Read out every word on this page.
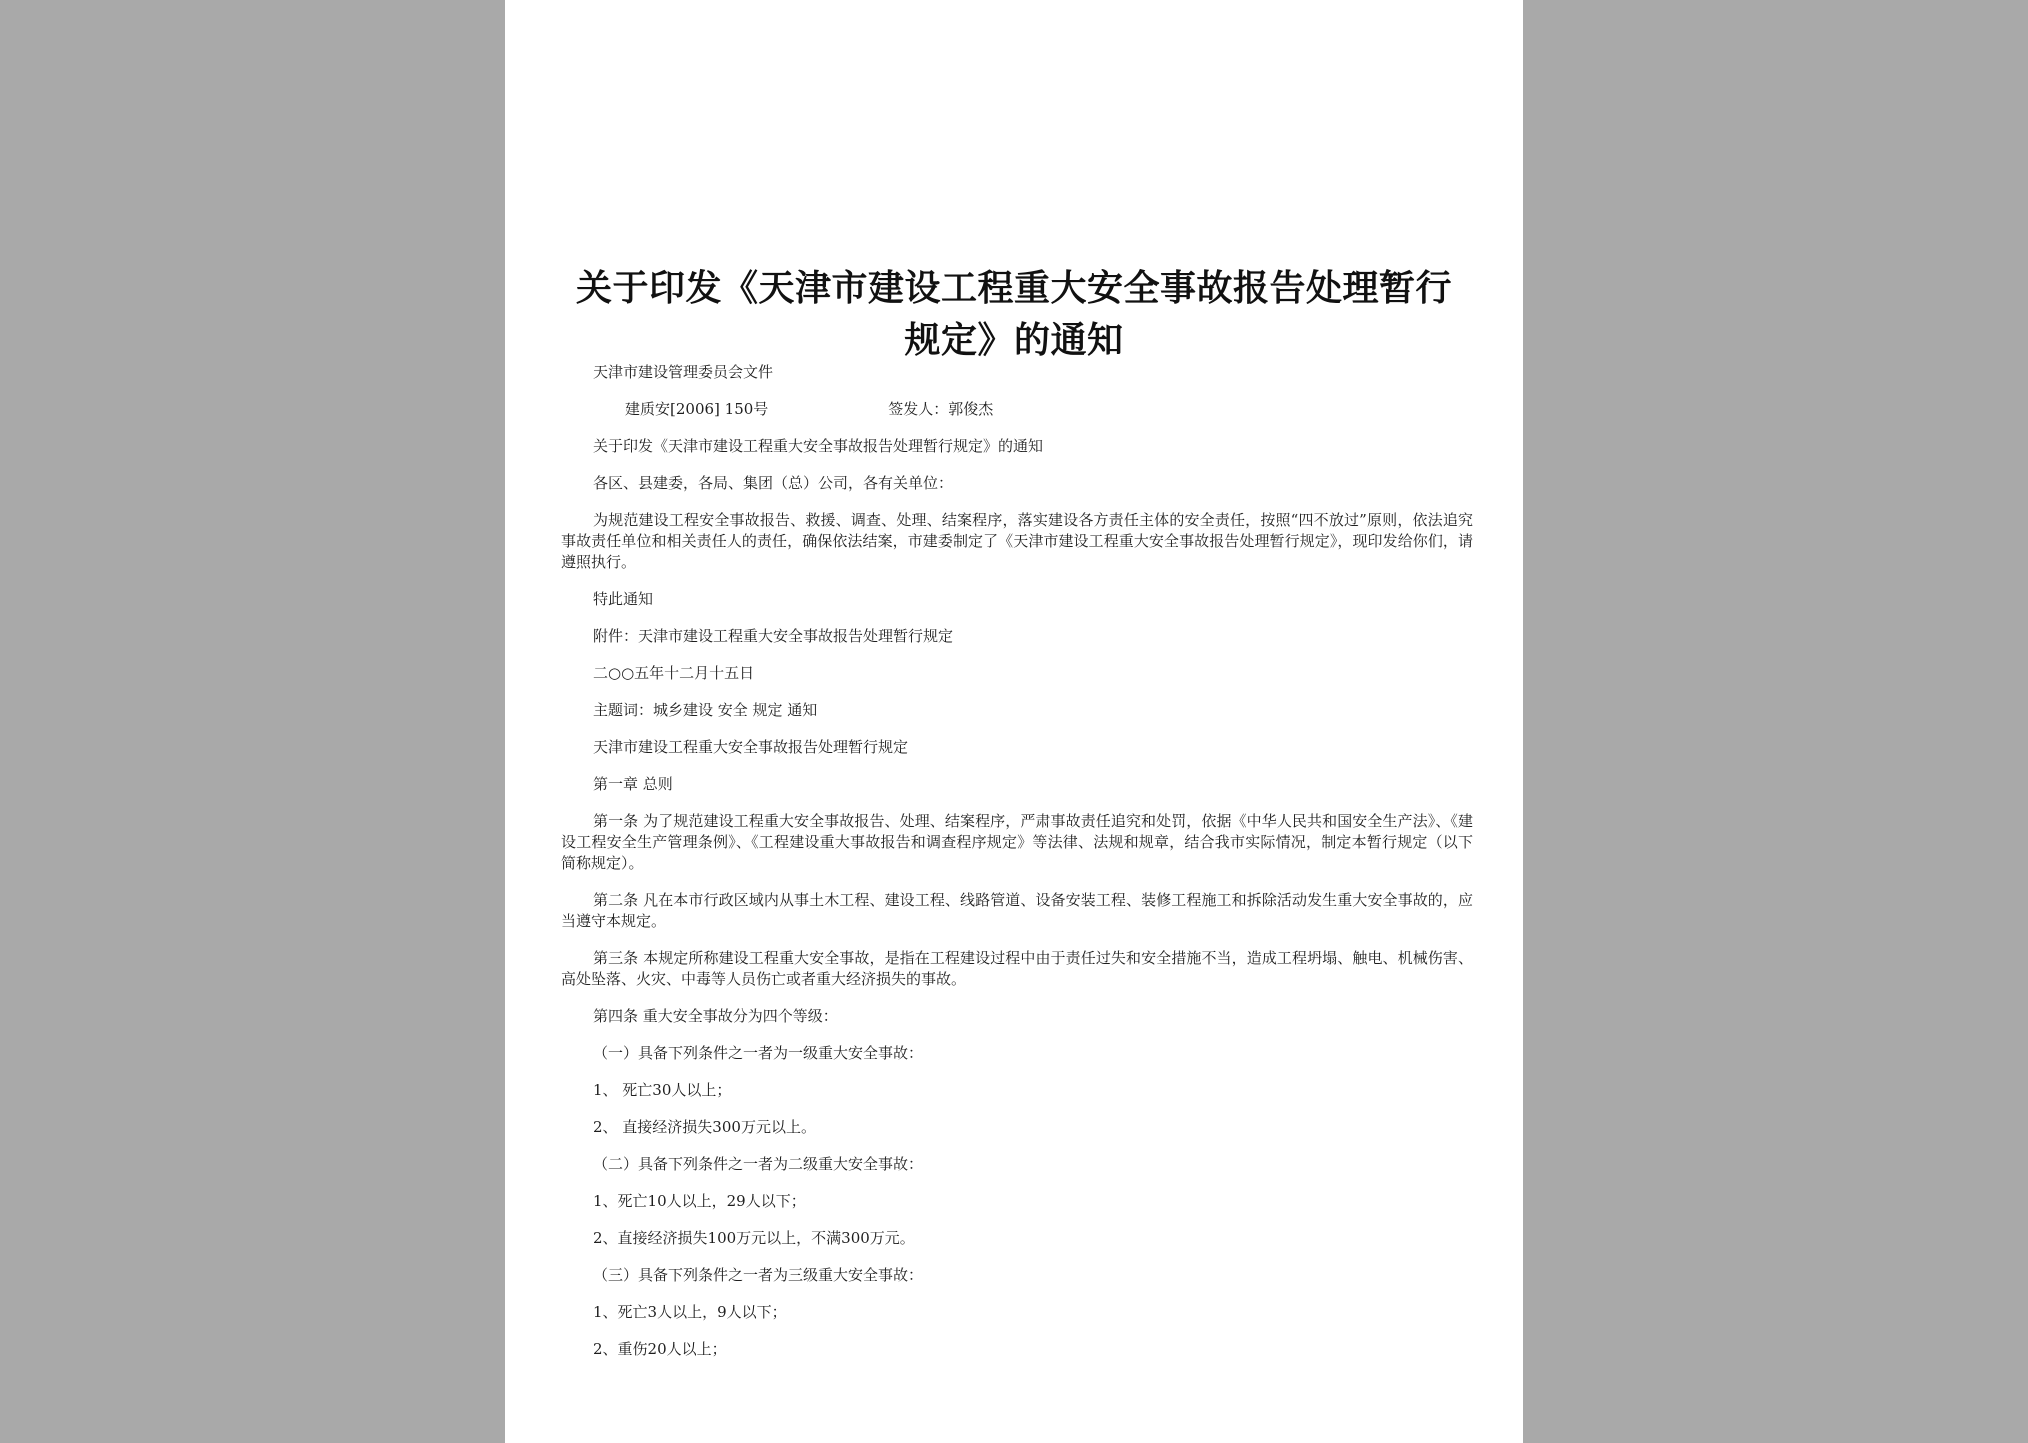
关于印发《天津市建设工程重大安全事故报告处理暂行
规定》的通知

天津市建设管理委员会文件

建质安[2006] 150号	签发人：郭俊杰

关于印发《天津市建设工程重大安全事故报告处理暂行规定》的通知

各区、县建委，各局、集团（总）公司，各有关单位：

为规范建设工程安全事故报告、救援、调查、处理、结案程序，落实建设各方责任主体的安全责任，按照“四不放过”原则，依法追究事故责任单位和相关责任人的责任，确保依法结案，市建委制定了《天津市建设工程重大安全事故报告处理暂行规定》，现印发给你们，请遵照执行。

特此通知

附件：天津市建设工程重大安全事故报告处理暂行规定

二○○五年十二月十五日

主题词：城乡建设 安全 规定 通知

天津市建设工程重大安全事故报告处理暂行规定

第一章 总则

第一条 为了规范建设工程重大安全事故报告、处理、结案程序，严肃事故责任追究和处罚，依据《中华人民共和国安全生产法》、《建设工程安全生产管理条例》、《工程建设重大事故报告和调查程序规定》等法律、法规和规章，结合我市实际情况，制定本暂行规定（以下简称规定）。

第二条 凡在本市行政区域内从事土木工程、建设工程、线路管道、设备安装工程、装修工程施工和拆除活动发生重大安全事故的，应当遵守本规定。

第三条 本规定所称建设工程重大安全事故，是指在工程建设过程中由于责任过失和安全措施不当，造成工程坍塌、触电、机械伤害、高处坠落、火灾、中毒等人员伤亡或者重大经济损失的事故。

第四条 重大安全事故分为四个等级：

（一）具备下列条件之一者为一级重大安全事故：

1、 死亡30人以上；

2、 直接经济损失300万元以上。

（二）具备下列条件之一者为二级重大安全事故：

1、死亡10人以上，29人以下；

2、直接经济损失100万元以上，不满300万元。

（三）具备下列条件之一者为三级重大安全事故：

1、死亡3人以上，9人以下；

2、重伤20人以上；
